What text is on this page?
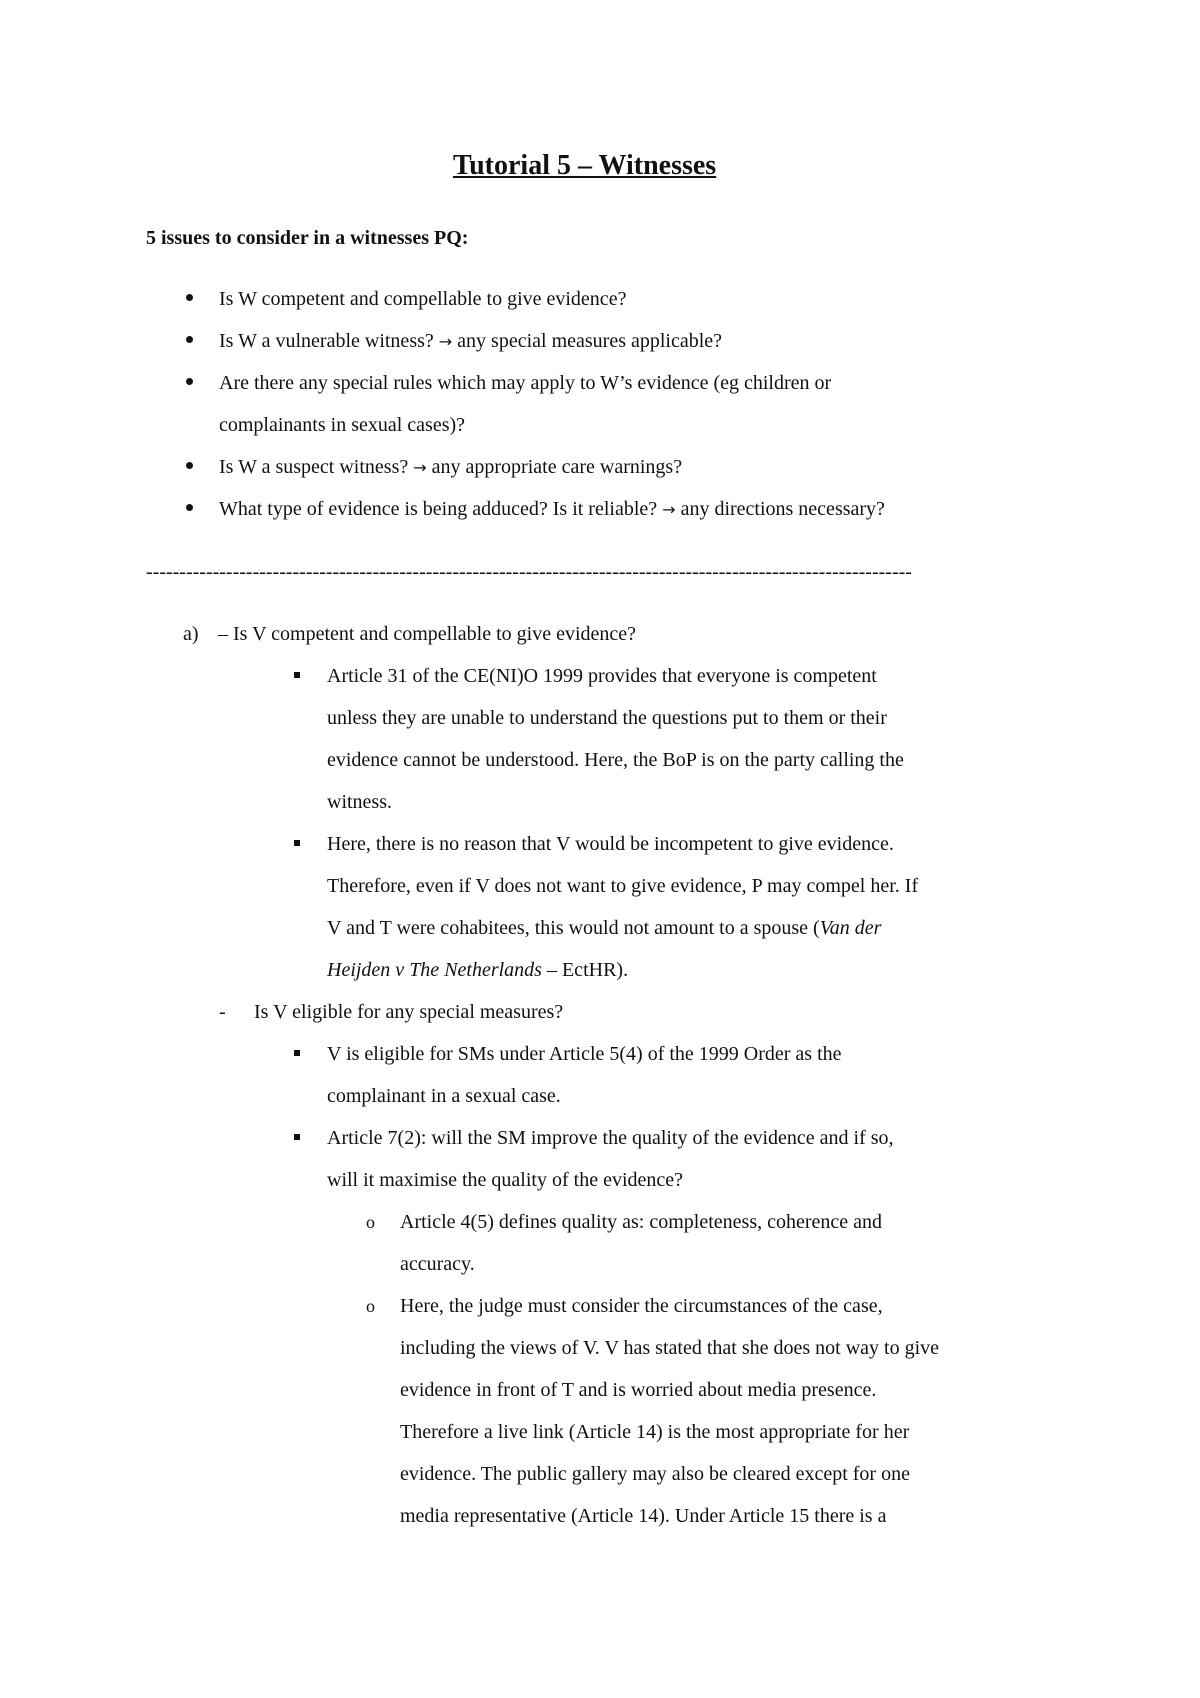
Tutorial 5 – Witnesses
5 issues to consider in a witnesses PQ:
Is W competent and compellable to give evidence?
Is W a vulnerable witness? → any special measures applicable?
Are there any special rules which may apply to W’s evidence (eg children or
complainants in sexual cases)?
Is W a suspect witness? → any appropriate care warnings?
What type of evidence is being adduced? Is it reliable? → any directions necessary?
-------------------------------------------------------------------------------------------------------------------
a) – Is V competent and compellable to give evidence?
Article 31 of the CE(NI)O 1999 provides that everyone is competent
unless they are unable to understand the questions put to them or their
evidence cannot be understood. Here, the BoP is on the party calling the
witness.
Here, there is no reason that V would be incompetent to give evidence.
Therefore, even if V does not want to give evidence, P may compel her. If
V and T were cohabitees, this would not amount to a spouse (Van der
Heijden v The Netherlands – EctHR).
- Is V eligible for any special measures?
V is eligible for SMs under Article 5(4) of the 1999 Order as the
complainant in a sexual case.
Article 7(2): will the SM improve the quality of the evidence and if so,
will it maximise the quality of the evidence?
o Article 4(5) defines quality as: completeness, coherence and
accuracy.
o Here, the judge must consider the circumstances of the case,
including the views of V. V has stated that she does not way to give
evidence in front of T and is worried about media presence.
Therefore a live link (Article 14) is the most appropriate for her
evidence. The public gallery may also be cleared except for one
media representative (Article 14). Under Article 15 there is a
